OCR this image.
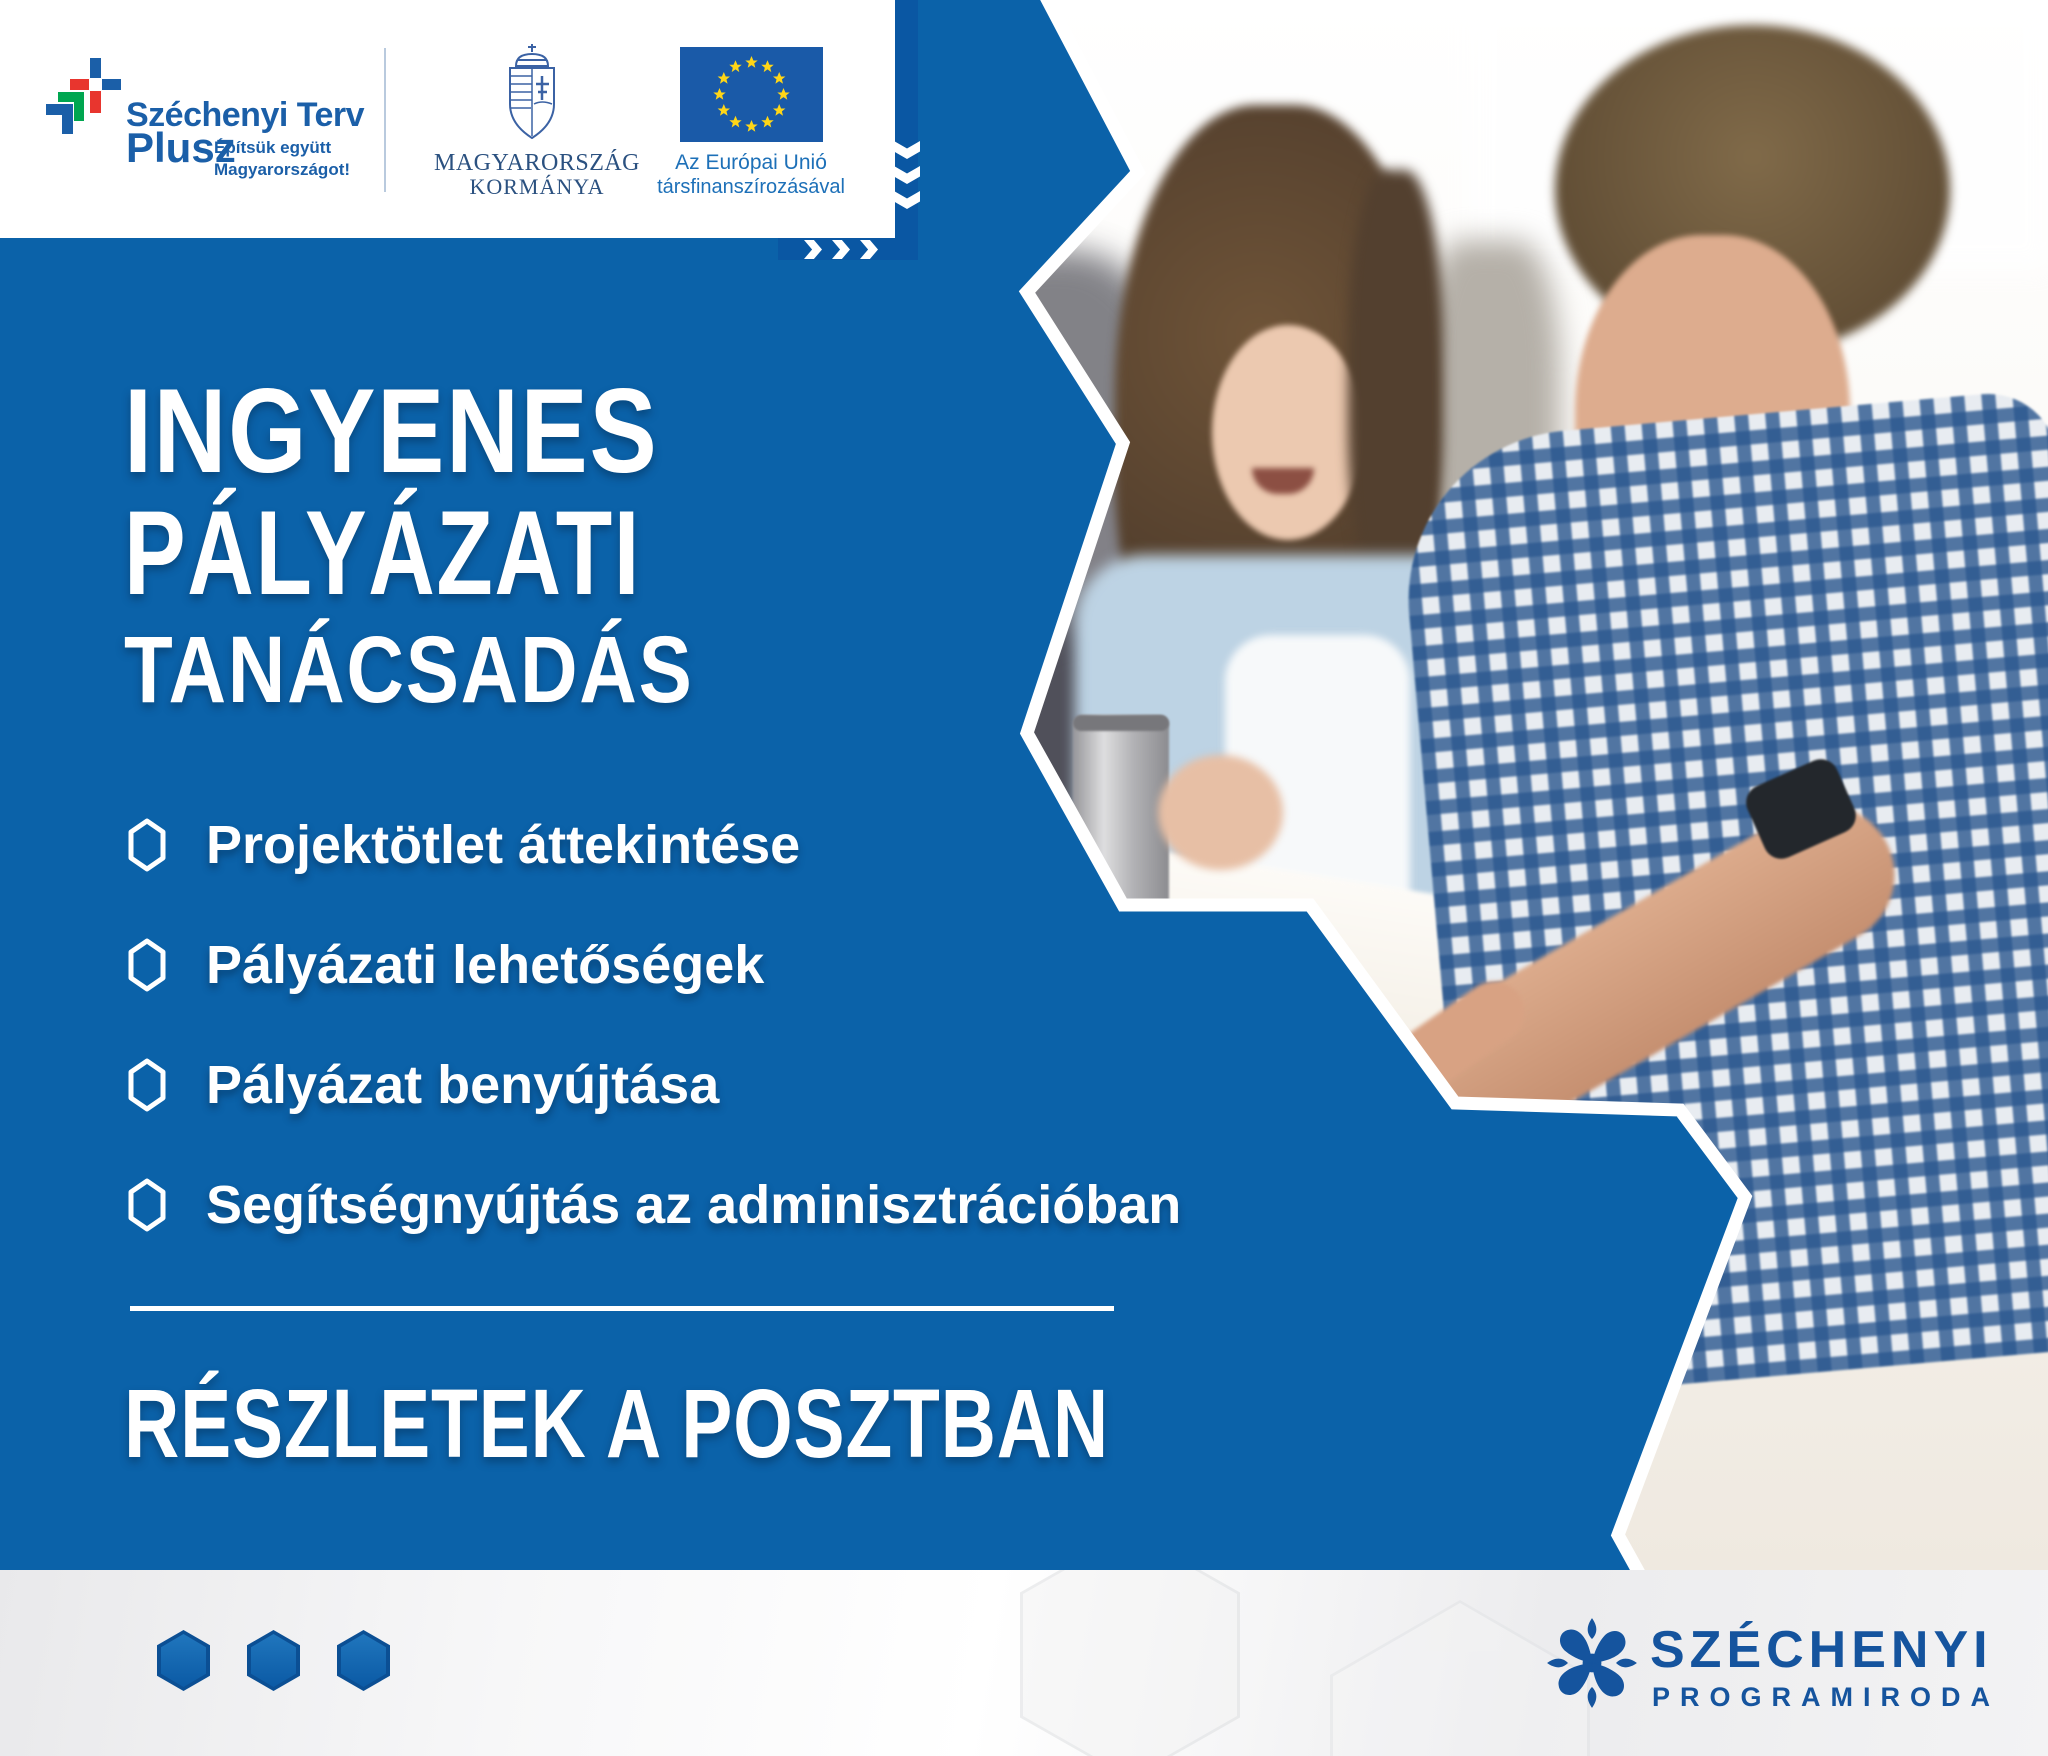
Széchenyi Terv
Plusz
Építsük együtt
Magyarországot!	MAGYARORSZÁG
KORMÁNYA
Az Európai Unió
társfinanszírozásával
INGYENES
PÁLYÁZATI
TANÁCSADÁS
Projektötlet áttekintése
Pályázati lehetőségek
Pályázat benyújtása
Segítségnyújtás az adminisztrációban
RÉSZLETEK A POSZTBAN
SZÉCHENYI
PROGRAMIRODA
